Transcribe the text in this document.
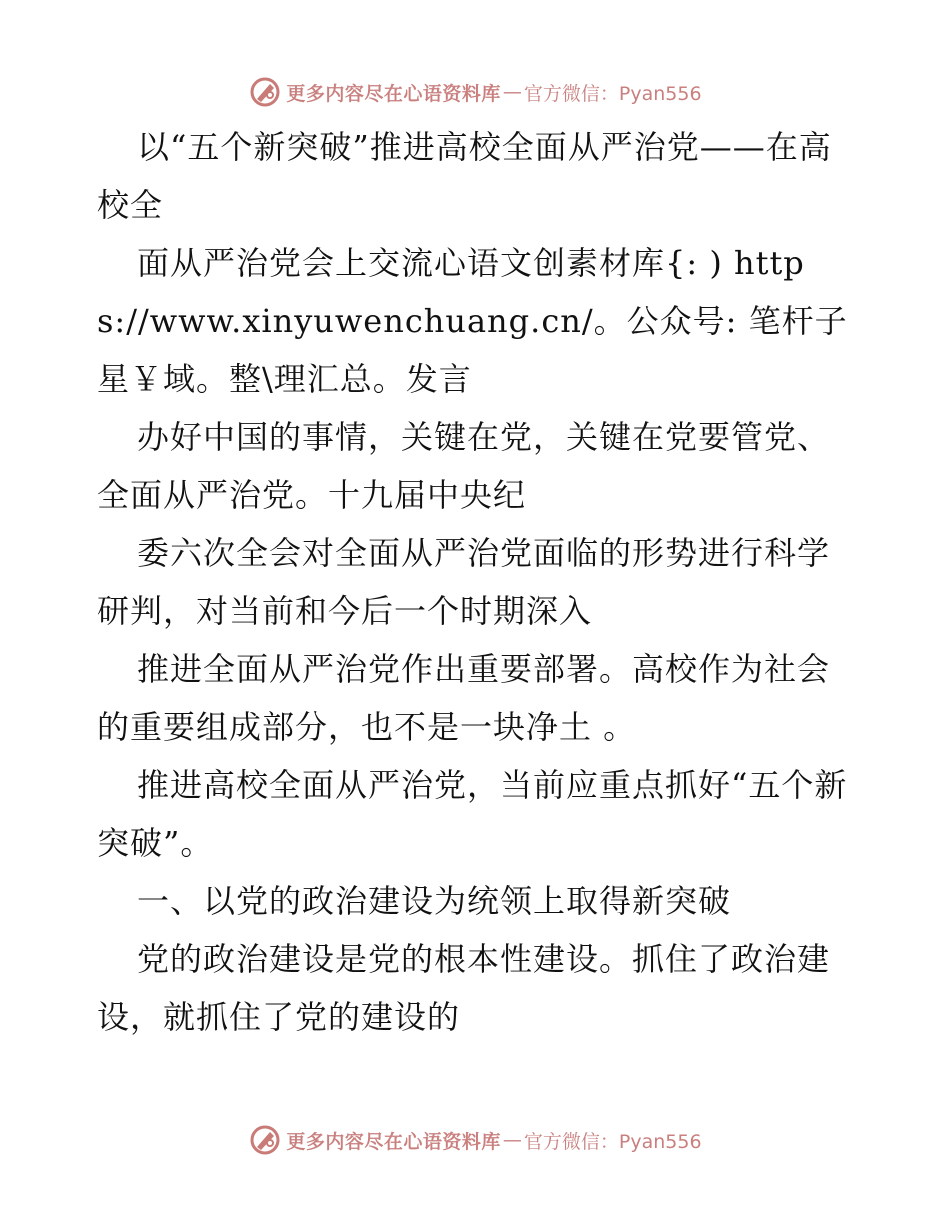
更多内容尽在心语资料库 — 官方微信：Pyan556

以“五个新突破”推进高校全面从严治党——在高校全

面从严治党会上交流心语文创素材库{: ) https://www.xinyuwenchuang.cn/。公众号: 笔杆子星￥域。整\理汇总。发言

办好中国的事情，关键在党，关键在党要管党、全面从严治党。十九届中央纪

委六次全会对全面从严治党面临的形势进行科学研判，对当前和今后一个时期深入

推进全面从严治党作出重要部署。高校作为社会的重要组成部分，也不是一块净土 。

推进高校全面从严治党，当前应重点抓好“五个新突破”。

一、以党的政治建设为统领上取得新突破

党的政治建设是党的根本性建设。抓住了政治建设，就抓住了党的建设的

更多内容尽在心语资料库 — 官方微信：Pyan556
